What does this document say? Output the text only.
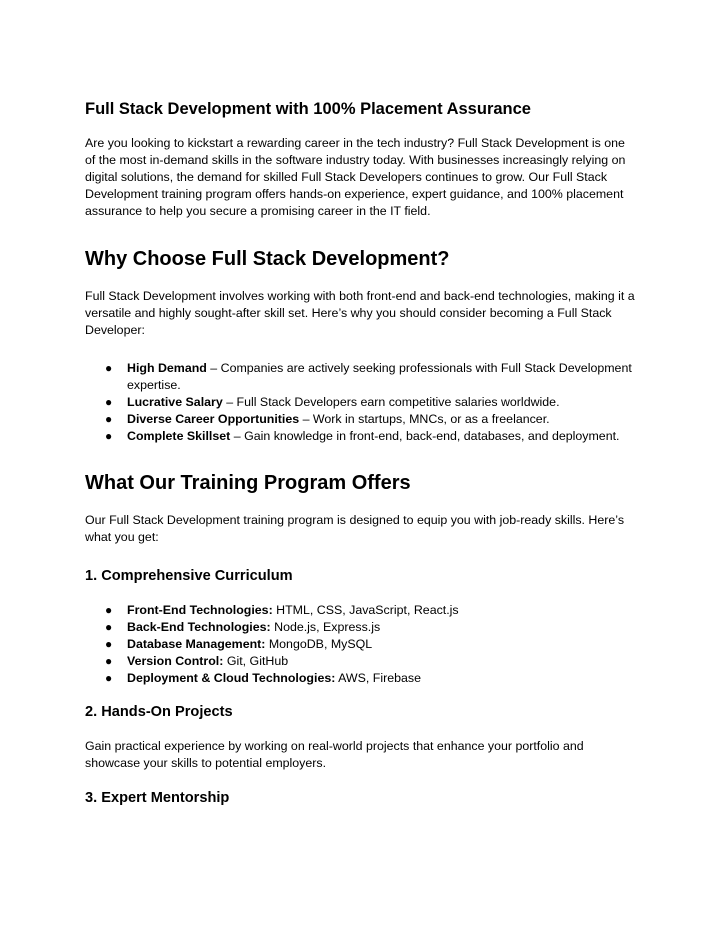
Full Stack Development with 100% Placement Assurance

Are you looking to kickstart a rewarding career in the tech industry? Full Stack Development is one of the most in-demand skills in the software industry today. With businesses increasingly relying on digital solutions, the demand for skilled Full Stack Developers continues to grow. Our Full Stack Development training program offers hands-on experience, expert guidance, and 100% placement assurance to help you secure a promising career in the IT field.

Why Choose Full Stack Development?

Full Stack Development involves working with both front-end and back-end technologies, making it a versatile and highly sought-after skill set. Here’s why you should consider becoming a Full Stack Developer:

● High Demand – Companies are actively seeking professionals with Full Stack Development expertise.
● Lucrative Salary – Full Stack Developers earn competitive salaries worldwide.
● Diverse Career Opportunities – Work in startups, MNCs, or as a freelancer.
● Complete Skillset – Gain knowledge in front-end, back-end, databases, and deployment.
What Our Training Program Offers

Our Full Stack Development training program is designed to equip you with job-ready skills. Here’s what you get:

1. Comprehensive Curriculum
● Front-End Technologies: HTML, CSS, JavaScript, React.js
● Back-End Technologies: Node.js, Express.js
● Database Management: MongoDB, MySQL
● Version Control: Git, GitHub
● Deployment & Cloud Technologies: AWS, Firebase
2. Hands-On Projects

Gain practical experience by working on real-world projects that enhance your portfolio and showcase your skills to potential employers.

3. Expert Mentorship
